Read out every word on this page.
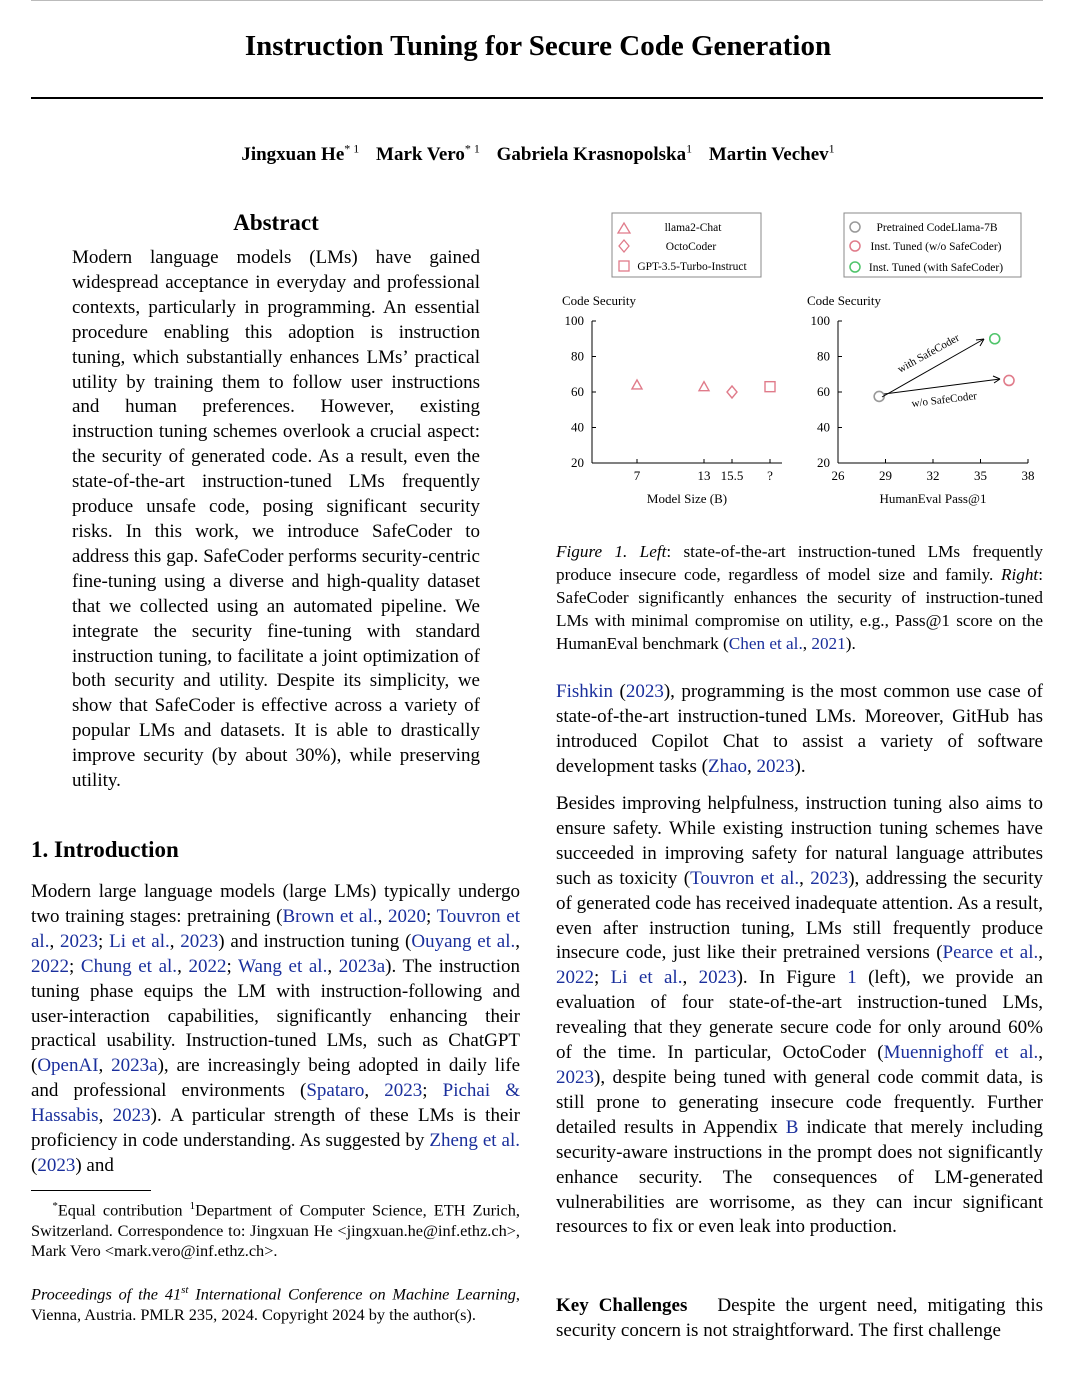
Instruction Tuning for Secure Code Generation
Jingxuan He$^{* 1}$ Mark Vero$^{* 1}$ Gabriela Krasnopolska$^1$ Martin Vechev$^1$
Abstract

Modern language models (LMs) have gained widespread acceptance in everyday and professional contexts, particularly in programming. An essential procedure enabling this adoption is instruction tuning, which substantially enhances LMs’ practical utility by training them to follow user instructions and human preferences. However, existing instruction tuning schemes overlook a crucial aspect: the security of generated code. As a result, even the state-of-the-art instruction-tuned LMs frequently produce unsafe code, posing significant security risks. In this work, we introduce SafeCoder to address this gap. SafeCoder performs security-centric fine-tuning using a diverse and high-quality dataset that we collected using an automated pipeline. We integrate the security fine-tuning with standard instruction tuning, to facilitate a joint optimization of both security and utility. Despite its simplicity, we show that SafeCoder is effective across a variety of popular LMs and datasets. It is able to drastically improve security (by about 30%), while preserving utility.

1. Introduction

Modern large language models (large LMs) typically undergo two training stages: pretraining (Brown et al., 2020; Touvron et al., 2023; Li et al., 2023) and instruction tuning (Ouyang et al., 2022; Chung et al., 2022; Wang et al., 2023a). The instruction tuning phase equips the LM with instruction-following and user-interaction capabilities, significantly enhancing their practical usability. Instruction-tuned LMs, such as ChatGPT (OpenAI, 2023a), are increasingly being adopted in daily life and professional environments (Spataro, 2023; Pichai & Hassabis, 2023). A particular strength of these LMs is their proficiency in code understanding. As suggested by Zheng et al. (2023) and

*Equal contribution $^1$Department of Computer Science, ETH Zurich, Switzerland. Correspondence to: Jingxuan He <jingxuan.he@inf.ethz.ch>, Mark Vero <mark.vero@inf.ethz.ch>.
Proceedings of the 41st International Conference on Machine Learning, Vienna, Austria. PMLR 235, 2024. Copyright 2024 by the author(s).
llama2-Chat
OctoCoder
GPT-3.5-Turbo-Instruct
Pretrained CodeLlama-7B
Inst. Tuned (w/o SafeCoder)
Inst. Tuned (with SafeCoder)
Code Security	Code Security
Model Size (B)	HumanEval Pass@1
20
40
60
80
100
7	13 15.5 ?
20
40
60
80
100
26	29	32	35	38
with SafeCoder
w/o SafeCoder

Figure 1. Left: state-of-the-art instruction-tuned LMs frequently produce insecure code, regardless of model size and family. Right: SafeCoder significantly enhances the security of instruction-tuned LMs with minimal compromise on utility, e.g., Pass@1 score on the HumanEval benchmark (Chen et al., 2021).

Fishkin (2023), programming is the most common use case of state-of-the-art instruction-tuned LMs. Moreover, GitHub has introduced Copilot Chat to assist a variety of software development tasks (Zhao, 2023).

Besides improving helpfulness, instruction tuning also aims to ensure safety. While existing instruction tuning schemes have succeeded in improving safety for natural language attributes such as toxicity (Touvron et al., 2023), addressing the security of generated code has received inadequate attention. As a result, even after instruction tuning, LMs still frequently produce insecure code, just like their pretrained versions (Pearce et al., 2022; Li et al., 2023). In Figure 1 (left), we provide an evaluation of four state-of-the-art instruction-tuned LMs, revealing that they generate secure code for only around 60% of the time. In particular, OctoCoder (Muennighoff et al., 2023), despite being tuned with general code commit data, is still prone to generating insecure code frequently. Further detailed results in Appendix B indicate that merely including security-aware instructions in the prompt does not significantly enhance security. The consequences of LM-generated vulnerabilities are worrisome, as they can incur significant resources to fix or even leak into production.

Key Challenges Despite the urgent need, mitigating this security concern is not straightforward. The first challenge
